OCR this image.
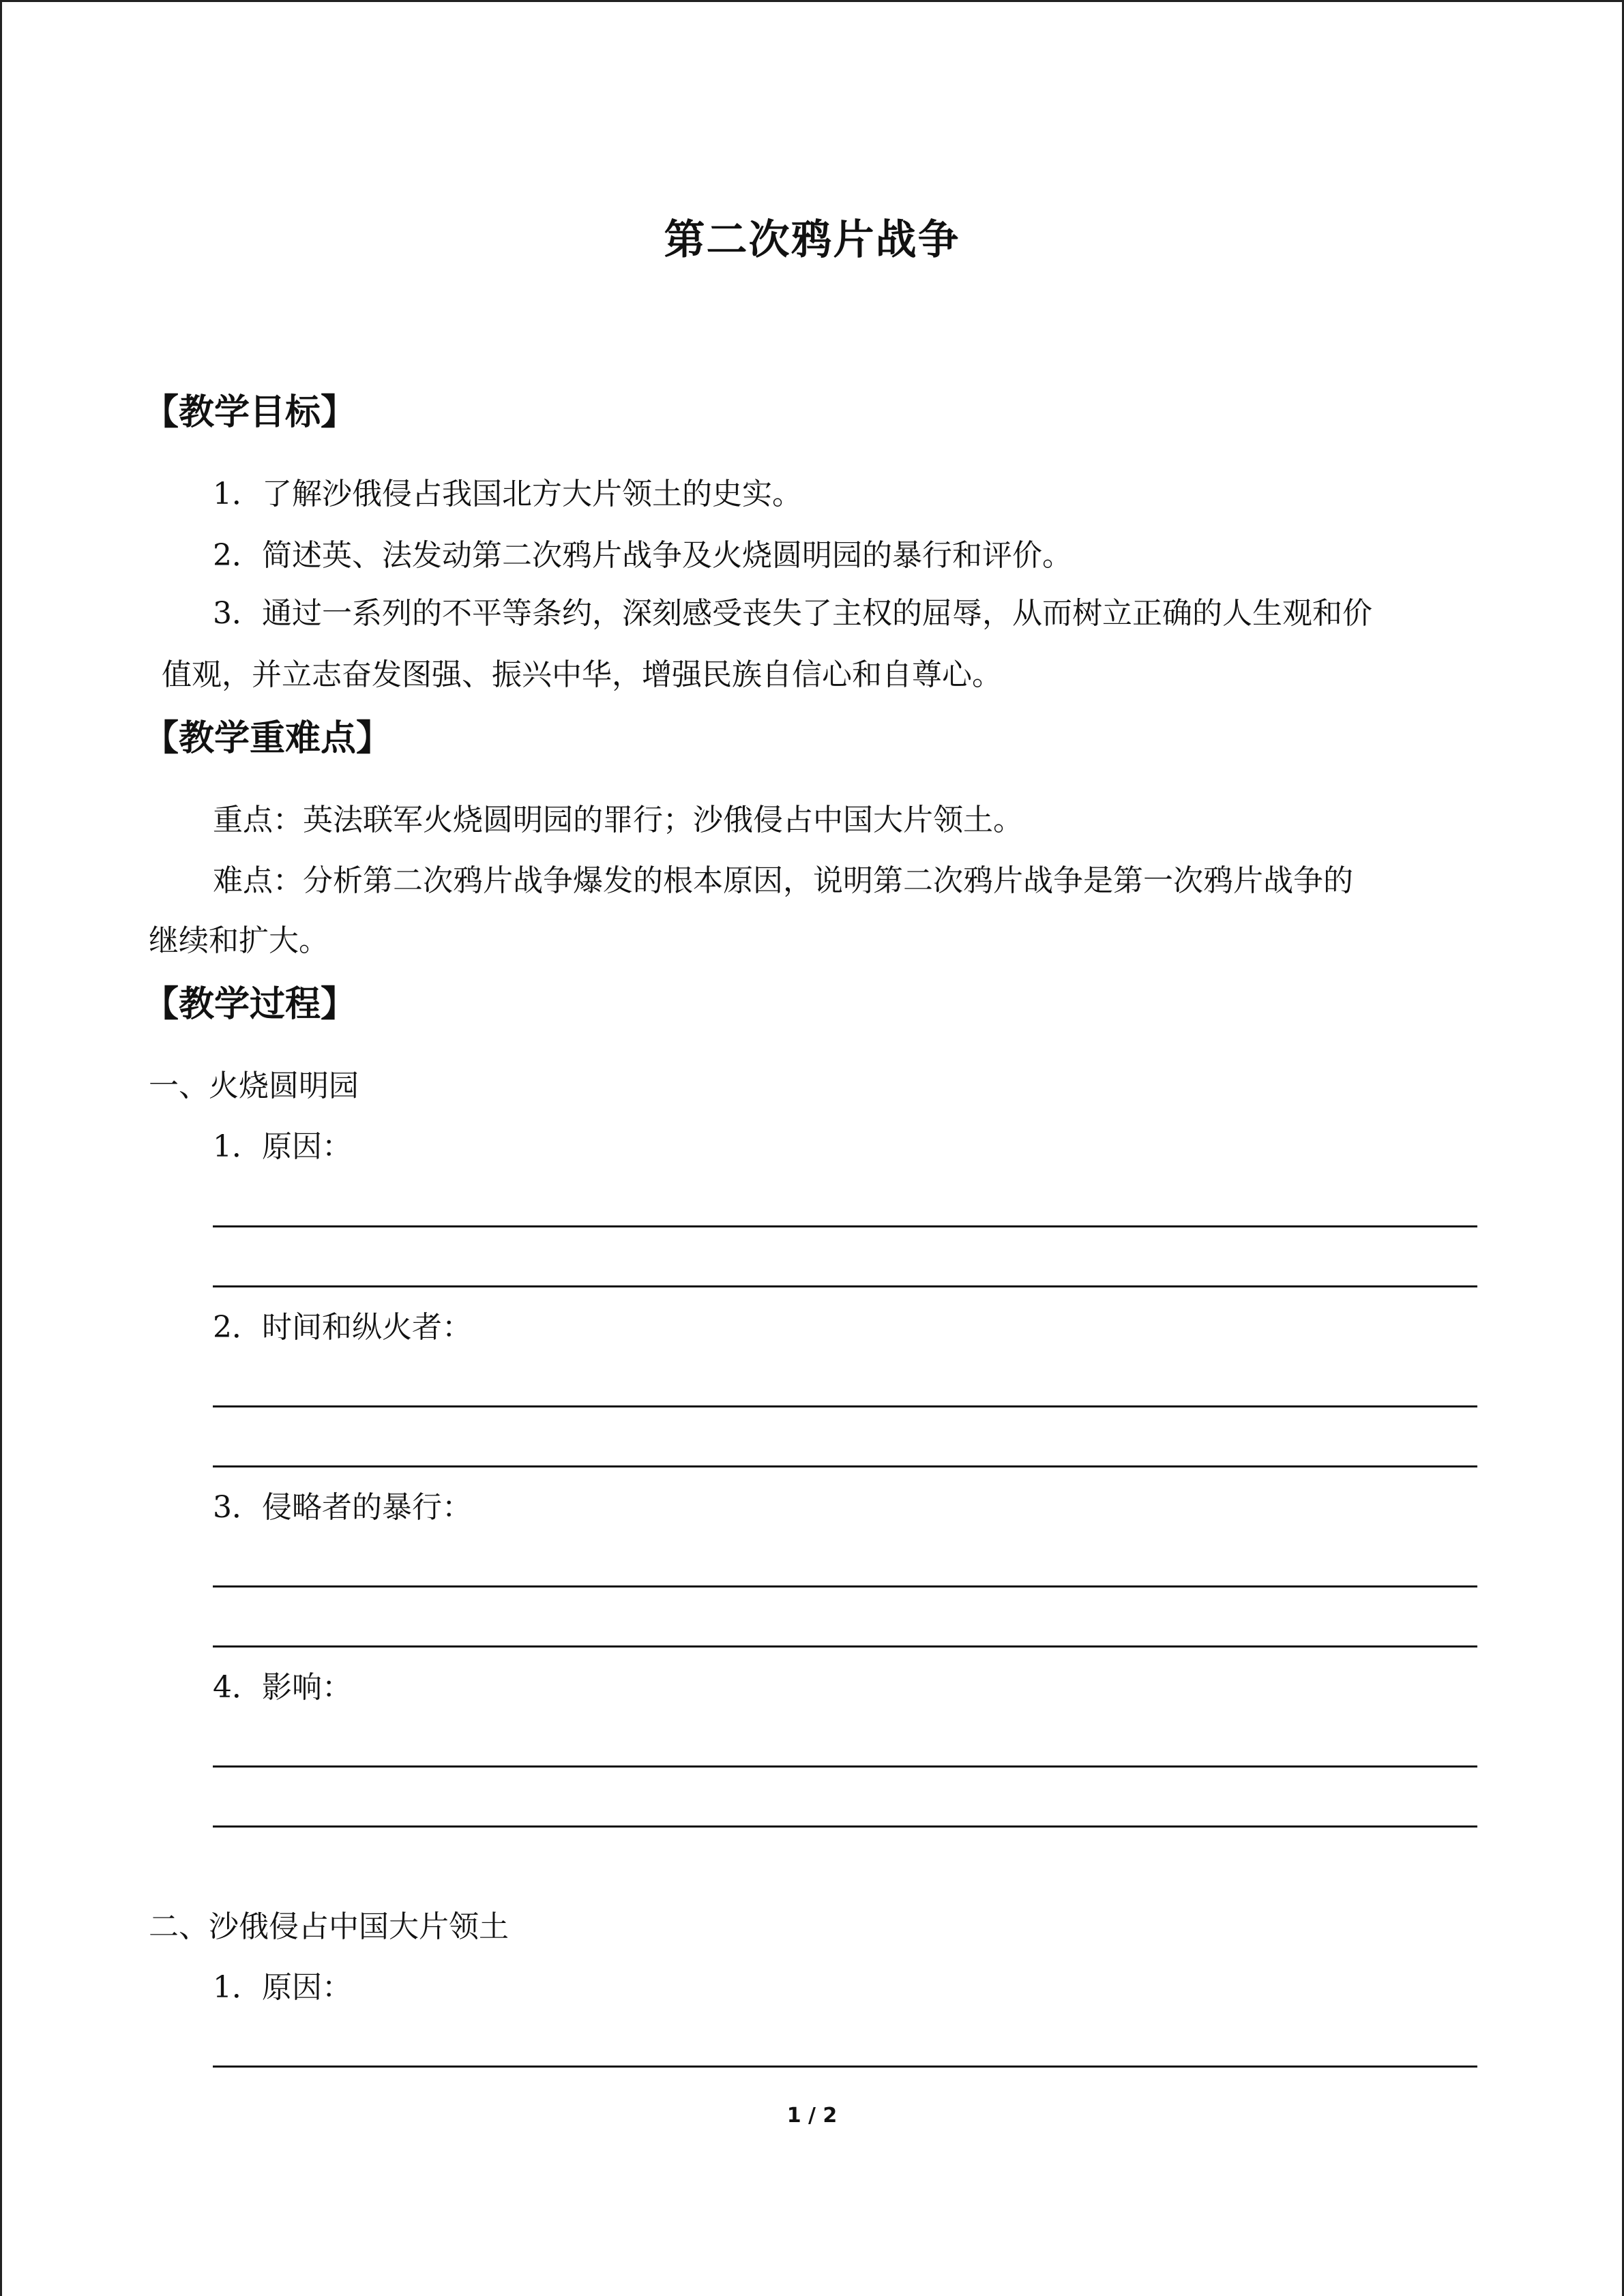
第二次鸦片战争
【教学目标】
1．了解沙俄侵占我国北方大片领土的史实。
2．简述英、法发动第二次鸦片战争及火烧圆明园的暴行和评价。
3．通过一系列的不平等条约，深刻感受丧失了主权的屈辱，从而树立正确的人生观和价
值观，并立志奋发图强、振兴中华，增强民族自信心和自尊心。
【教学重难点】
重点：英法联军火烧圆明园的罪行；沙俄侵占中国大片领土。
难点：分析第二次鸦片战争爆发的根本原因，说明第二次鸦片战争是第一次鸦片战争的
继续和扩大。
【教学过程】
一、火烧圆明园
1．原因：
2．时间和纵火者：
3．侵略者的暴行：
4．影响：
二、沙俄侵占中国大片领土
1．原因：
1 / 2
